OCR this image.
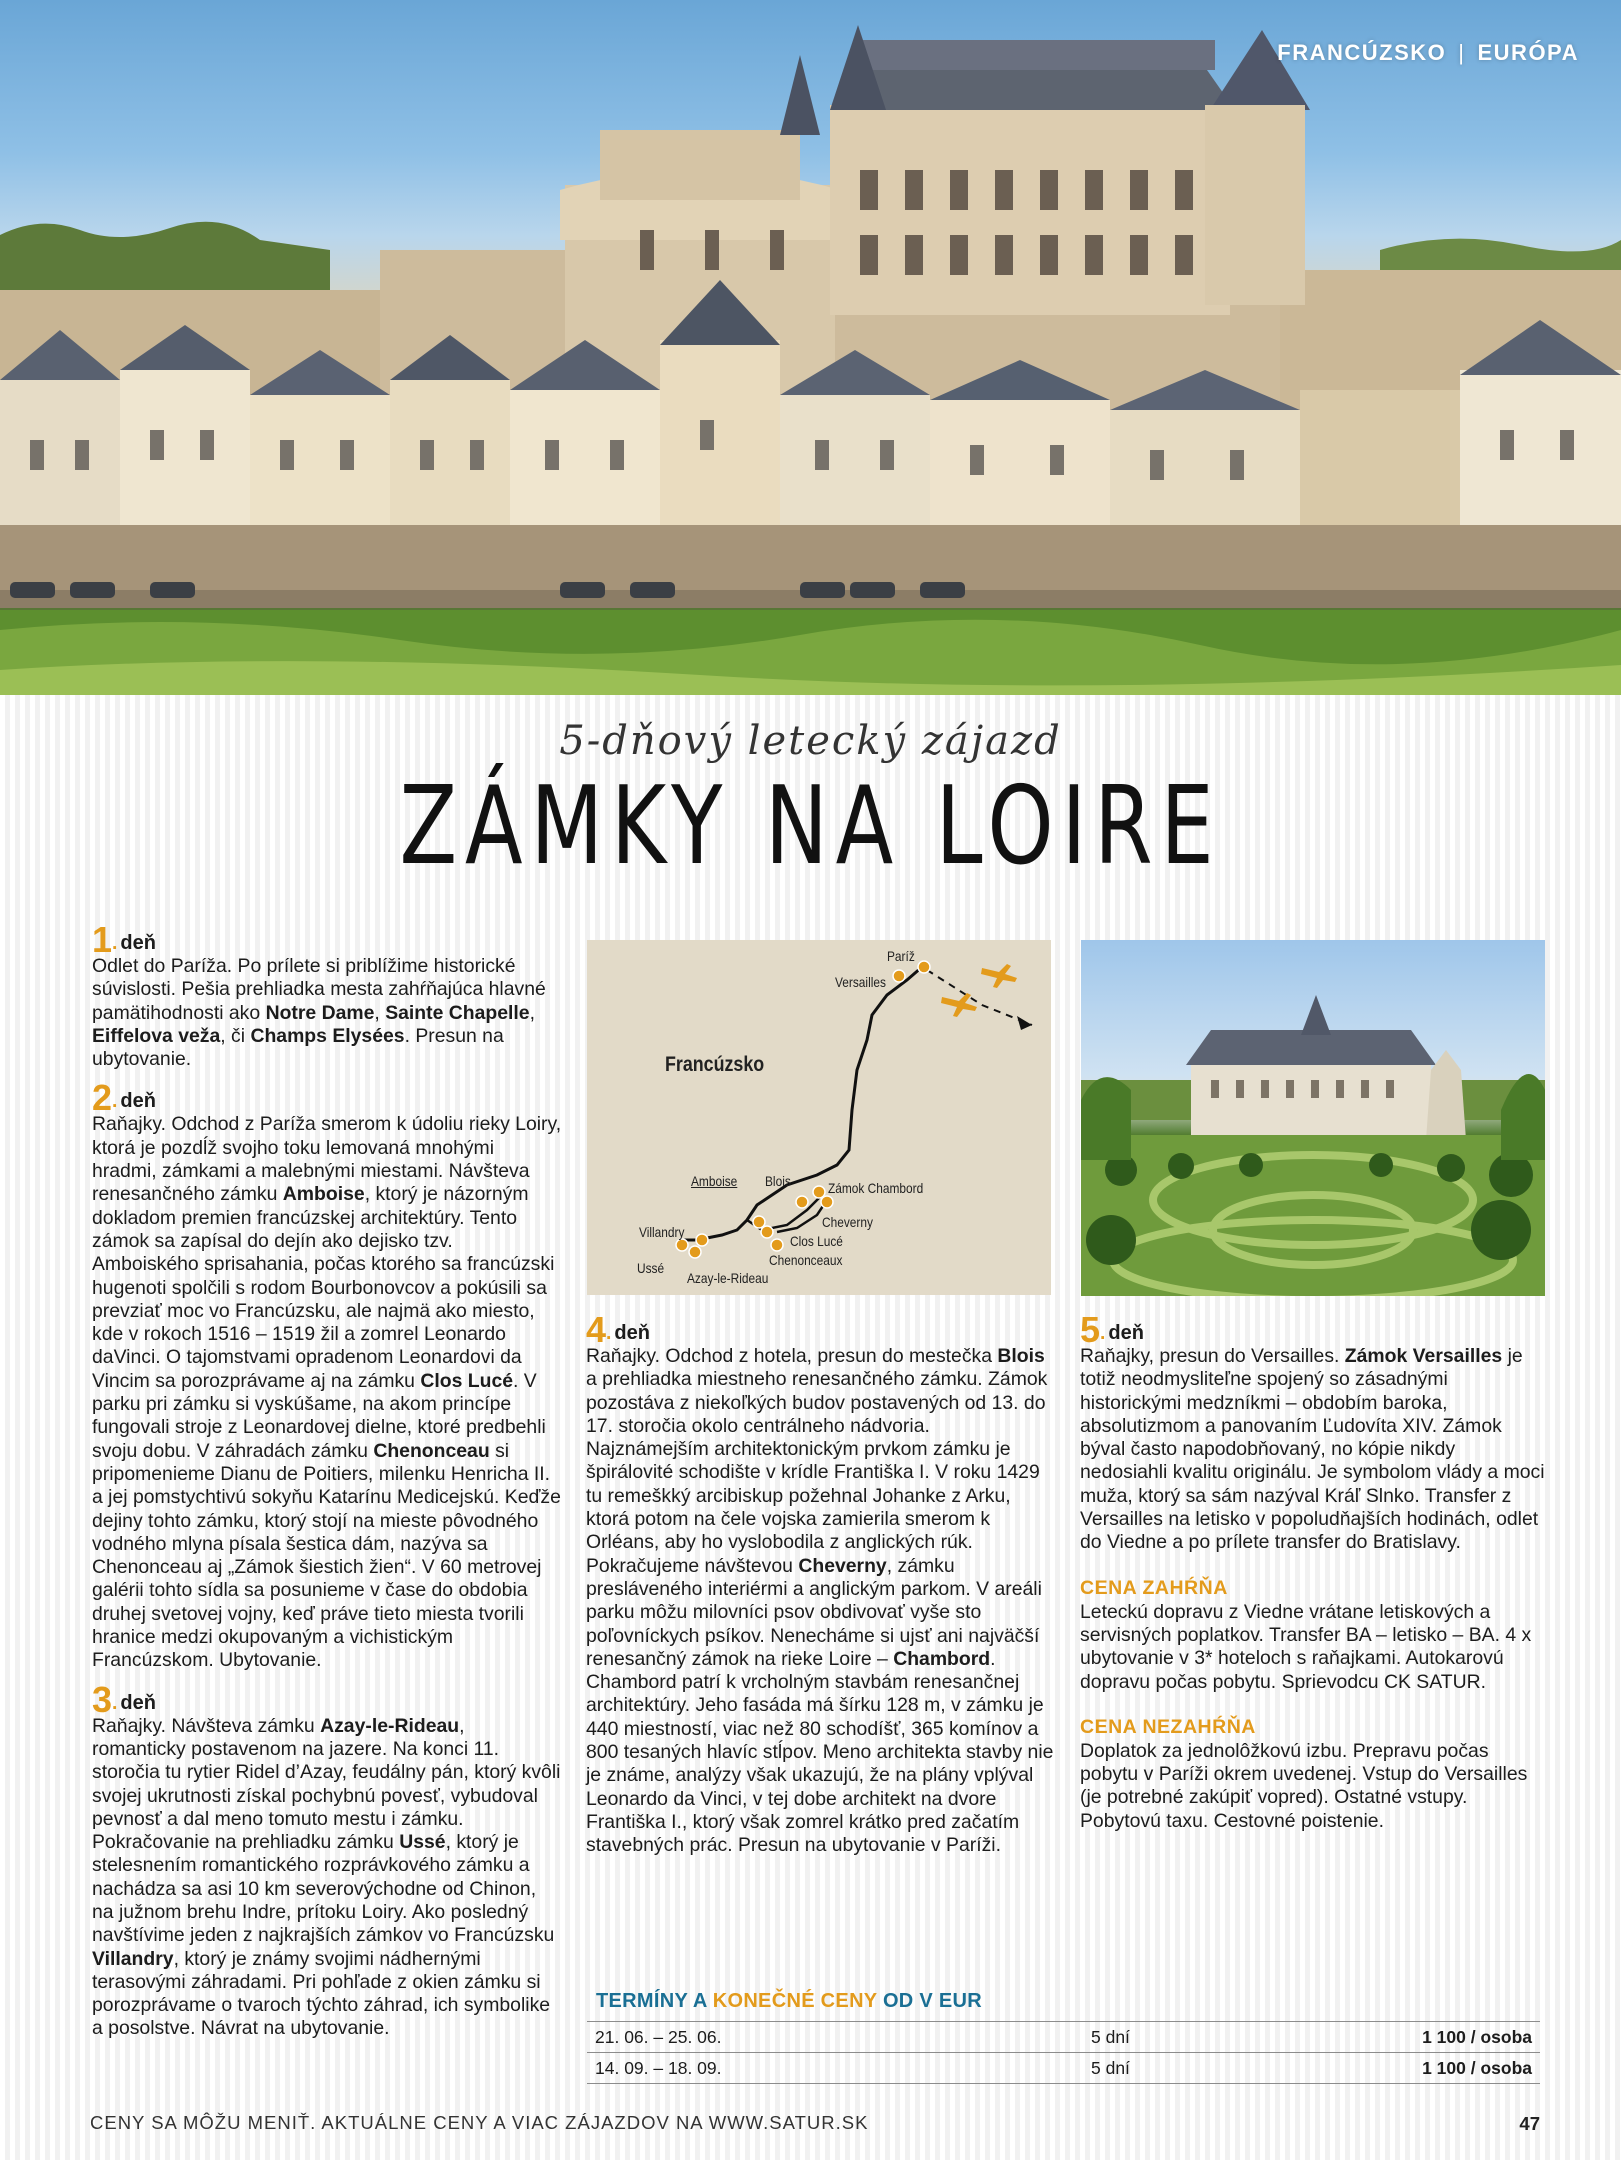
FRANCÚZSKO | EURÓPA
5-dňový letecký zájazd
ZÁMKY NA LOIRE
1. deň

Odlet do Paríža. Po prílete si priblížime historické súvislosti. Pešia prehliadka mesta zahŕňajúca hlavné pamätihodnosti ako Notre Dame, Sainte Chapelle, Eiffelova veža, či Champs Elysées. Presun na ubytovanie.

2. deň

Raňajky. Odchod z Paríža smerom k údoliu rieky Loiry, ktorá je pozdĺž svojho toku lemovaná mnohými hradmi, zámkami a malebnými miestami. Návšteva renesančného zámku Amboise, ktorý je názorným dokladom premien francúzskej architektúry. Tento zámok sa zapísal do dejín ako dejisko tzv. Amboiského sprisahania, počas ktorého sa francúzski hugenoti spolčili s rodom Bourbonovcov a pokúsili sa prevziať moc vo Francúzsku, ale najmä ako miesto, kde v rokoch 1516 – 1519 žil a zomrel Leonardo daVinci. O tajomstvami opradenom Leonardovi da Vincim sa porozprávame aj na zámku Clos Lucé. V parku pri zámku si vyskúšame, na akom princípe fungovali stroje z Leonardovej dielne, ktoré predbehli svoju dobu. V záhradách zámku Chenonceau si pripomenieme Dianu de Poitiers, milenku Henricha II. a jej pomstychtivú sokyňu Katarínu Medicejskú. Keďže dejiny tohto zámku, ktorý stojí na mieste pôvodného vodného mlyna písala šestica dám, nazýva sa Chenonceau aj „Zámok šiestich žien“. V 60 metrovej galérii tohto sídla sa posunieme v čase do obdobia druhej svetovej vojny, keď práve tieto miesta tvorili hranice medzi okupovaným a vichistickým Francúzskom. Ubytovanie.

3. deň

Raňajky. Návšteva zámku Azay-le-Rideau, romanticky postavenom na jazere. Na konci 11. storočia tu rytier Ridel d’Azay, feudálny pán, ktorý kvôli svojej ukrutnosti získal pochybnú povesť, vybudoval pevnosť a dal meno tomuto mestu i zámku. Pokračovanie na prehliadku zámku Ussé, ktorý je stelesnením romantického rozprávkového zámku a nachádza sa asi 10 km severovýchodne od Chinon, na južnom brehu Indre, prítoku Loiry. Ako posledný navštívime jeden z najkrajších zámkov vo Francúzsku Villandry, ktorý je známy svojimi nádhernými terasovými záhradami. Pri pohľade z okien zámku si porozprávame o tvaroch týchto záhrad, ich symbolike a posolstve. Návrat na ubytovanie.

Francúzsko
Paríž
Versailles
Amboise Blois	Zámok Chambord
Cheverny
Villandry
Clos Lucé
Chenonceaux
Ussé
Azay-le-Rideau
4. deň

Raňajky. Odchod z hotela, presun do mestečka Blois a prehliadka miestneho renesančného zámku. Zámok pozostáva z niekoľkých budov postavených od 13. do 17. storočia okolo centrálneho nádvoria. Najznámejším architektonickým prvkom zámku je špirálovité schodište v krídle Františka I. V roku 1429 tu remeškký arcibiskup požehnal Johanke z Arku, ktorá potom na čele vojska zamierila smerom k Orléans, aby ho vyslobodila z anglických rúk. Pokračujeme návštevou Cheverny, zámku presláveného interiérmi a anglickým parkom. V areáli parku môžu milovníci psov obdivovať vyše sto poľovníckych psíkov. Nenecháme si ujsť ani najväčší renesančný zámok na rieke Loire – Chambord. Chambord patrí k vrcholným stavbám renesančnej architektúry. Jeho fasáda má šírku 128 m, v zámku je 440 miestností, viac než 80 schodíšť, 365 komínov a 800 tesaných hlavíc stĺpov. Meno architekta stavby nie je známe, analýzy však ukazujú, že na plány vplýval Leonardo da Vinci, v tej dobe architekt na dvore Františka I., ktorý však zomrel krátko pred začatím stavebných prác. Presun na ubytovanie v Paríži.

5. deň

Raňajky, presun do Versailles. Zámok Versailles je totiž neodmysliteľne spojený so zásadnými historickými medzníkmi – obdobím baroka, absolutizmom a panovaním Ľudovíta XIV. Zámok býval často napodobňovaný, no kópie nikdy nedosiahli kvalitu originálu. Je symbolom vlády a moci muža, ktorý sa sám nazýval Kráľ Slnko. Transfer z Versailles na letisko v popoludňajších hodinách, odlet do Viedne a po prílete transfer do Bratislavy.

CENA ZAHŔŇA

Leteckú dopravu z Viedne vrátane letiskových a servisných poplatkov. Transfer BA – letisko – BA. 4 x ubytovanie v 3* hoteloch s raňajkami. Autokarovú dopravu počas pobytu. Sprievodcu CK SATUR.

CENA NEZAHŔŇA

Doplatok za jednolôžkovú izbu. Prepravu počas pobytu v Paríži okrem uvedenej. Vstup do Versailles (je potrebné zakúpiť vopred). Ostatné vstupy. Pobytovú taxu. Cestovné poistenie.

TERMÍNY A KONEČNÉ CENY OD V EUR
21. 06. – 25. 06.	5 dní	1 100 / osoba
14. 09. – 18. 09.	5 dní	1 100 / osoba
CENY SA MÔŽU MENIŤ. AKTUÁLNE CENY A VIAC ZÁJAZDOV NA WWW.SATUR.SK	47
